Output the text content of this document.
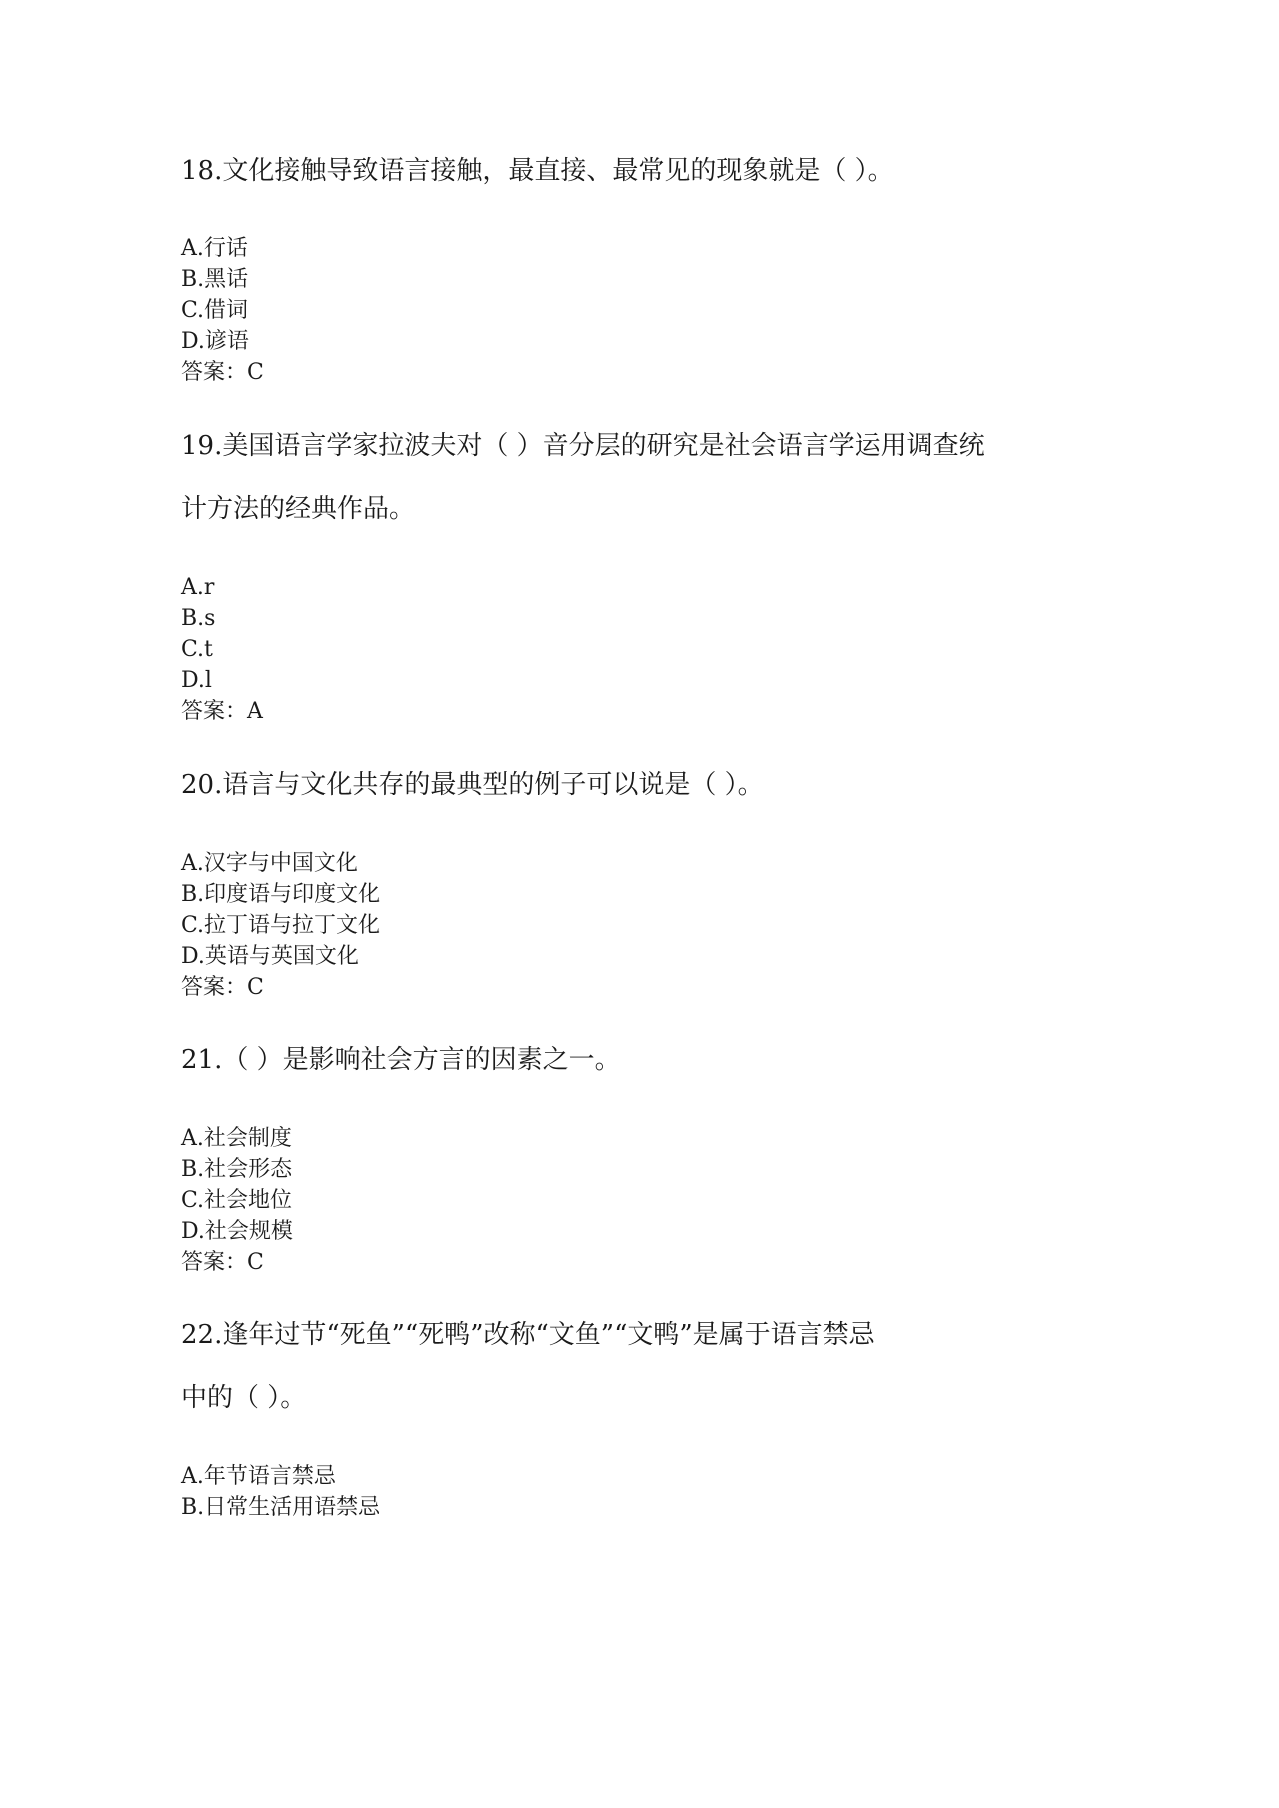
18.文化接触导致语言接触，最直接、最常见的现象就是（ ）。
A.行话
B.黑话
C.借词
D.谚语
答案：C
19.美国语言学家拉波夫对（ ）音分层的研究是社会语言学运用调查统
计方法的经典作品。
A.r
B.s
C.t
D.l
答案：A
20.语言与文化共存的最典型的例子可以说是（ ）。
A.汉字与中国文化
B.印度语与印度文化
C.拉丁语与拉丁文化
D.英语与英国文化
答案：C
21.（ ）是影响社会方言的因素之一。
A.社会制度
B.社会形态
C.社会地位
D.社会规模
答案：C
22.逢年过节“死鱼”“死鸭”改称“文鱼”“文鸭”是属于语言禁忌
中的（ ）。
A.年节语言禁忌
B.日常生活用语禁忌
